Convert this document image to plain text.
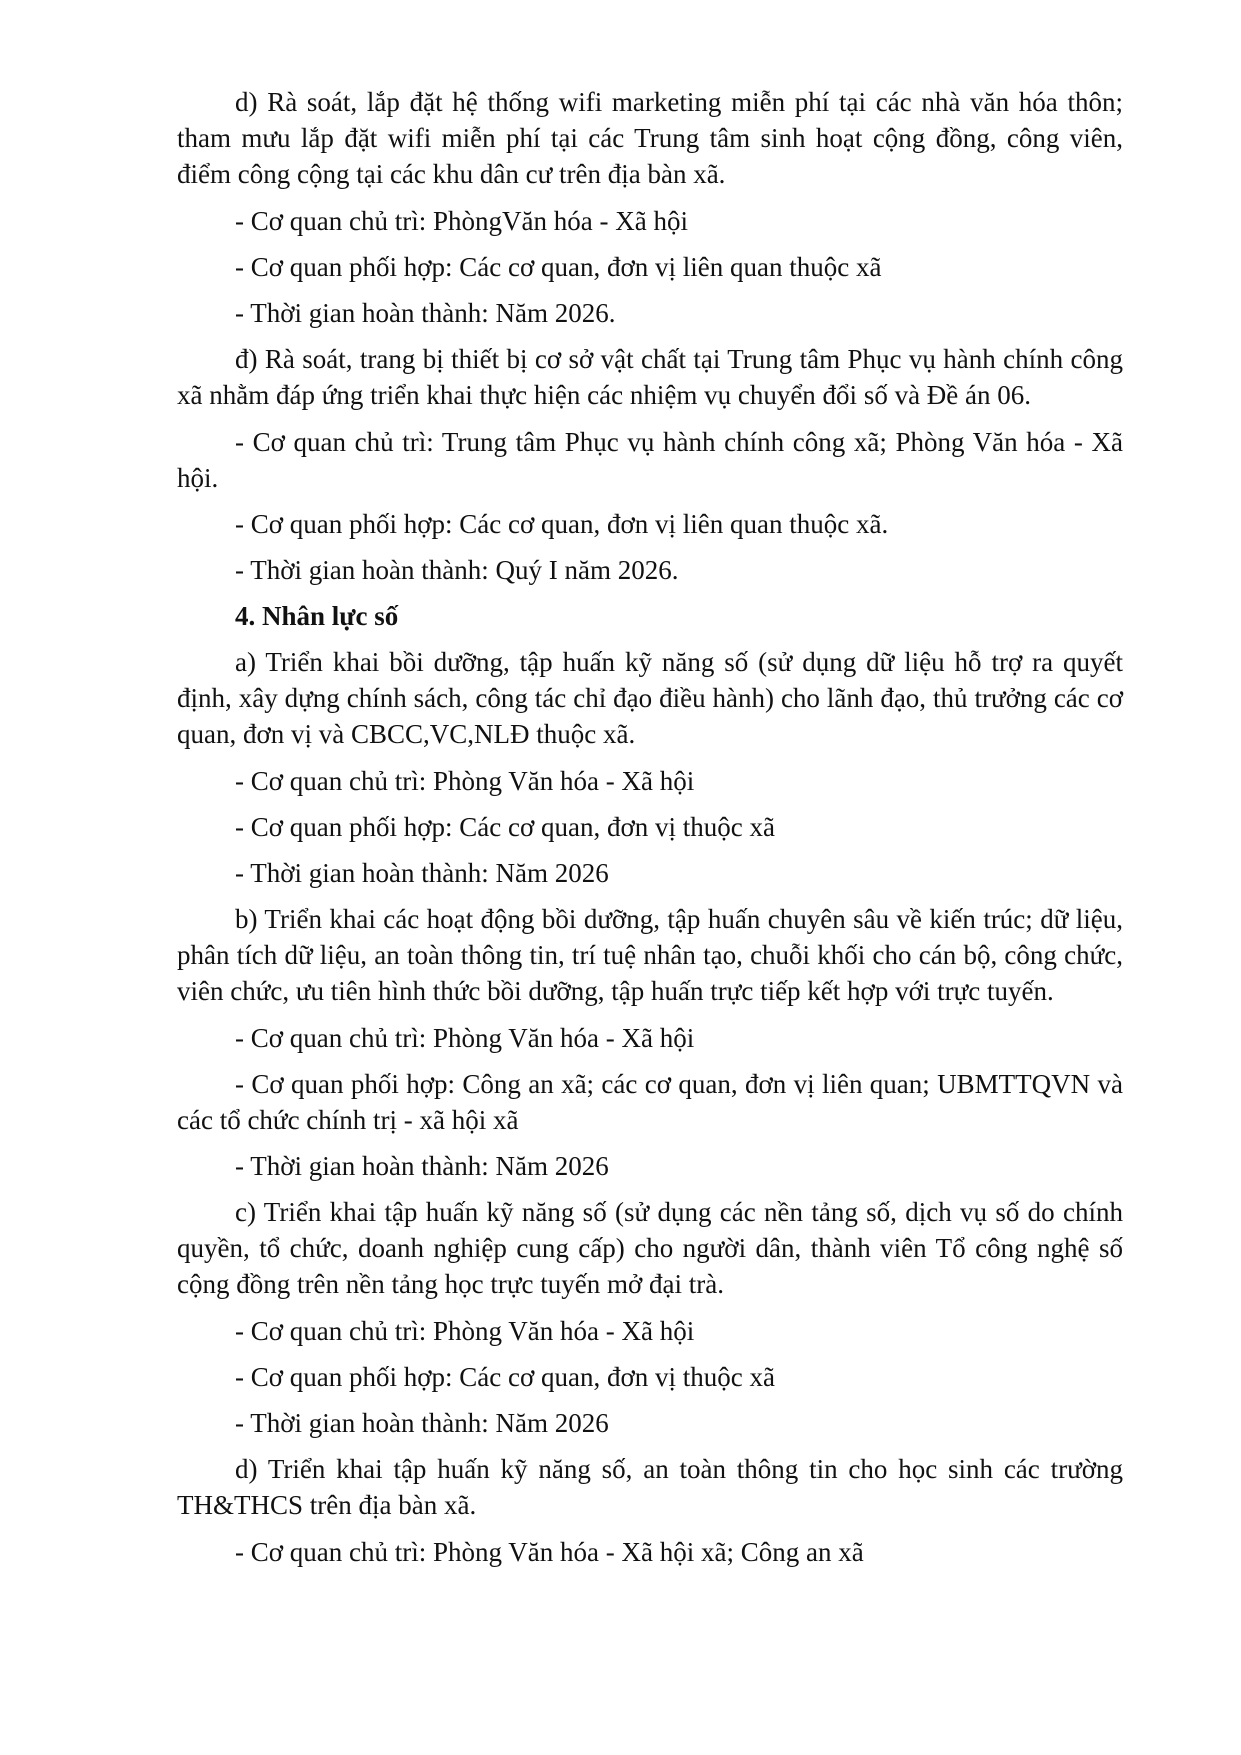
d) Rà soát, lắp đặt hệ thống wifi marketing miễn phí tại các nhà văn hóa thôn; tham mưu lắp đặt wifi miễn phí tại các Trung tâm sinh hoạt cộng đồng, công viên, điểm công cộng tại các khu dân cư trên địa bàn xã.

- Cơ quan chủ trì: PhòngVăn hóa - Xã hội

- Cơ quan phối hợp: Các cơ quan, đơn vị liên quan thuộc xã

- Thời gian hoàn thành: Năm 2026.

đ) Rà soát, trang bị thiết bị cơ sở vật chất tại Trung tâm Phục vụ hành chính công xã nhằm đáp ứng triển khai thực hiện các nhiệm vụ chuyển đổi số và Đề án 06.

- Cơ quan chủ trì: Trung tâm Phục vụ hành chính công xã; Phòng Văn hóa - Xã hội.

- Cơ quan phối hợp: Các cơ quan, đơn vị liên quan thuộc xã.

- Thời gian hoàn thành: Quý I năm 2026.

4. Nhân lực số

a) Triển khai bồi dưỡng, tập huấn kỹ năng số (sử dụng dữ liệu hỗ trợ ra quyết định, xây dựng chính sách, công tác chỉ đạo điều hành) cho lãnh đạo, thủ trưởng các cơ quan, đơn vị và CBCC,VC,NLĐ thuộc xã.

- Cơ quan chủ trì: Phòng Văn hóa - Xã hội

- Cơ quan phối hợp: Các cơ quan, đơn vị thuộc xã

- Thời gian hoàn thành: Năm 2026

b) Triển khai các hoạt động bồi dưỡng, tập huấn chuyên sâu về kiến trúc; dữ liệu, phân tích dữ liệu, an toàn thông tin, trí tuệ nhân tạo, chuỗi khối cho cán bộ, công chức, viên chức, ưu tiên hình thức bồi dưỡng, tập huấn trực tiếp kết hợp với trực tuyến.

- Cơ quan chủ trì: Phòng Văn hóa - Xã hội

- Cơ quan phối hợp: Công an xã; các cơ quan, đơn vị liên quan; UBMTTQVN và các tổ chức chính trị - xã hội xã

- Thời gian hoàn thành: Năm 2026

c) Triển khai tập huấn kỹ năng số (sử dụng các nền tảng số, dịch vụ số do chính quyền, tổ chức, doanh nghiệp cung cấp) cho người dân, thành viên Tổ công nghệ số cộng đồng trên nền tảng học trực tuyến mở đại trà.

- Cơ quan chủ trì: Phòng Văn hóa - Xã hội

- Cơ quan phối hợp: Các cơ quan, đơn vị thuộc xã

- Thời gian hoàn thành: Năm 2026

d) Triển khai tập huấn kỹ năng số, an toàn thông tin cho học sinh các trường TH&THCS trên địa bàn xã.

- Cơ quan chủ trì: Phòng Văn hóa - Xã hội xã; Công an xã
